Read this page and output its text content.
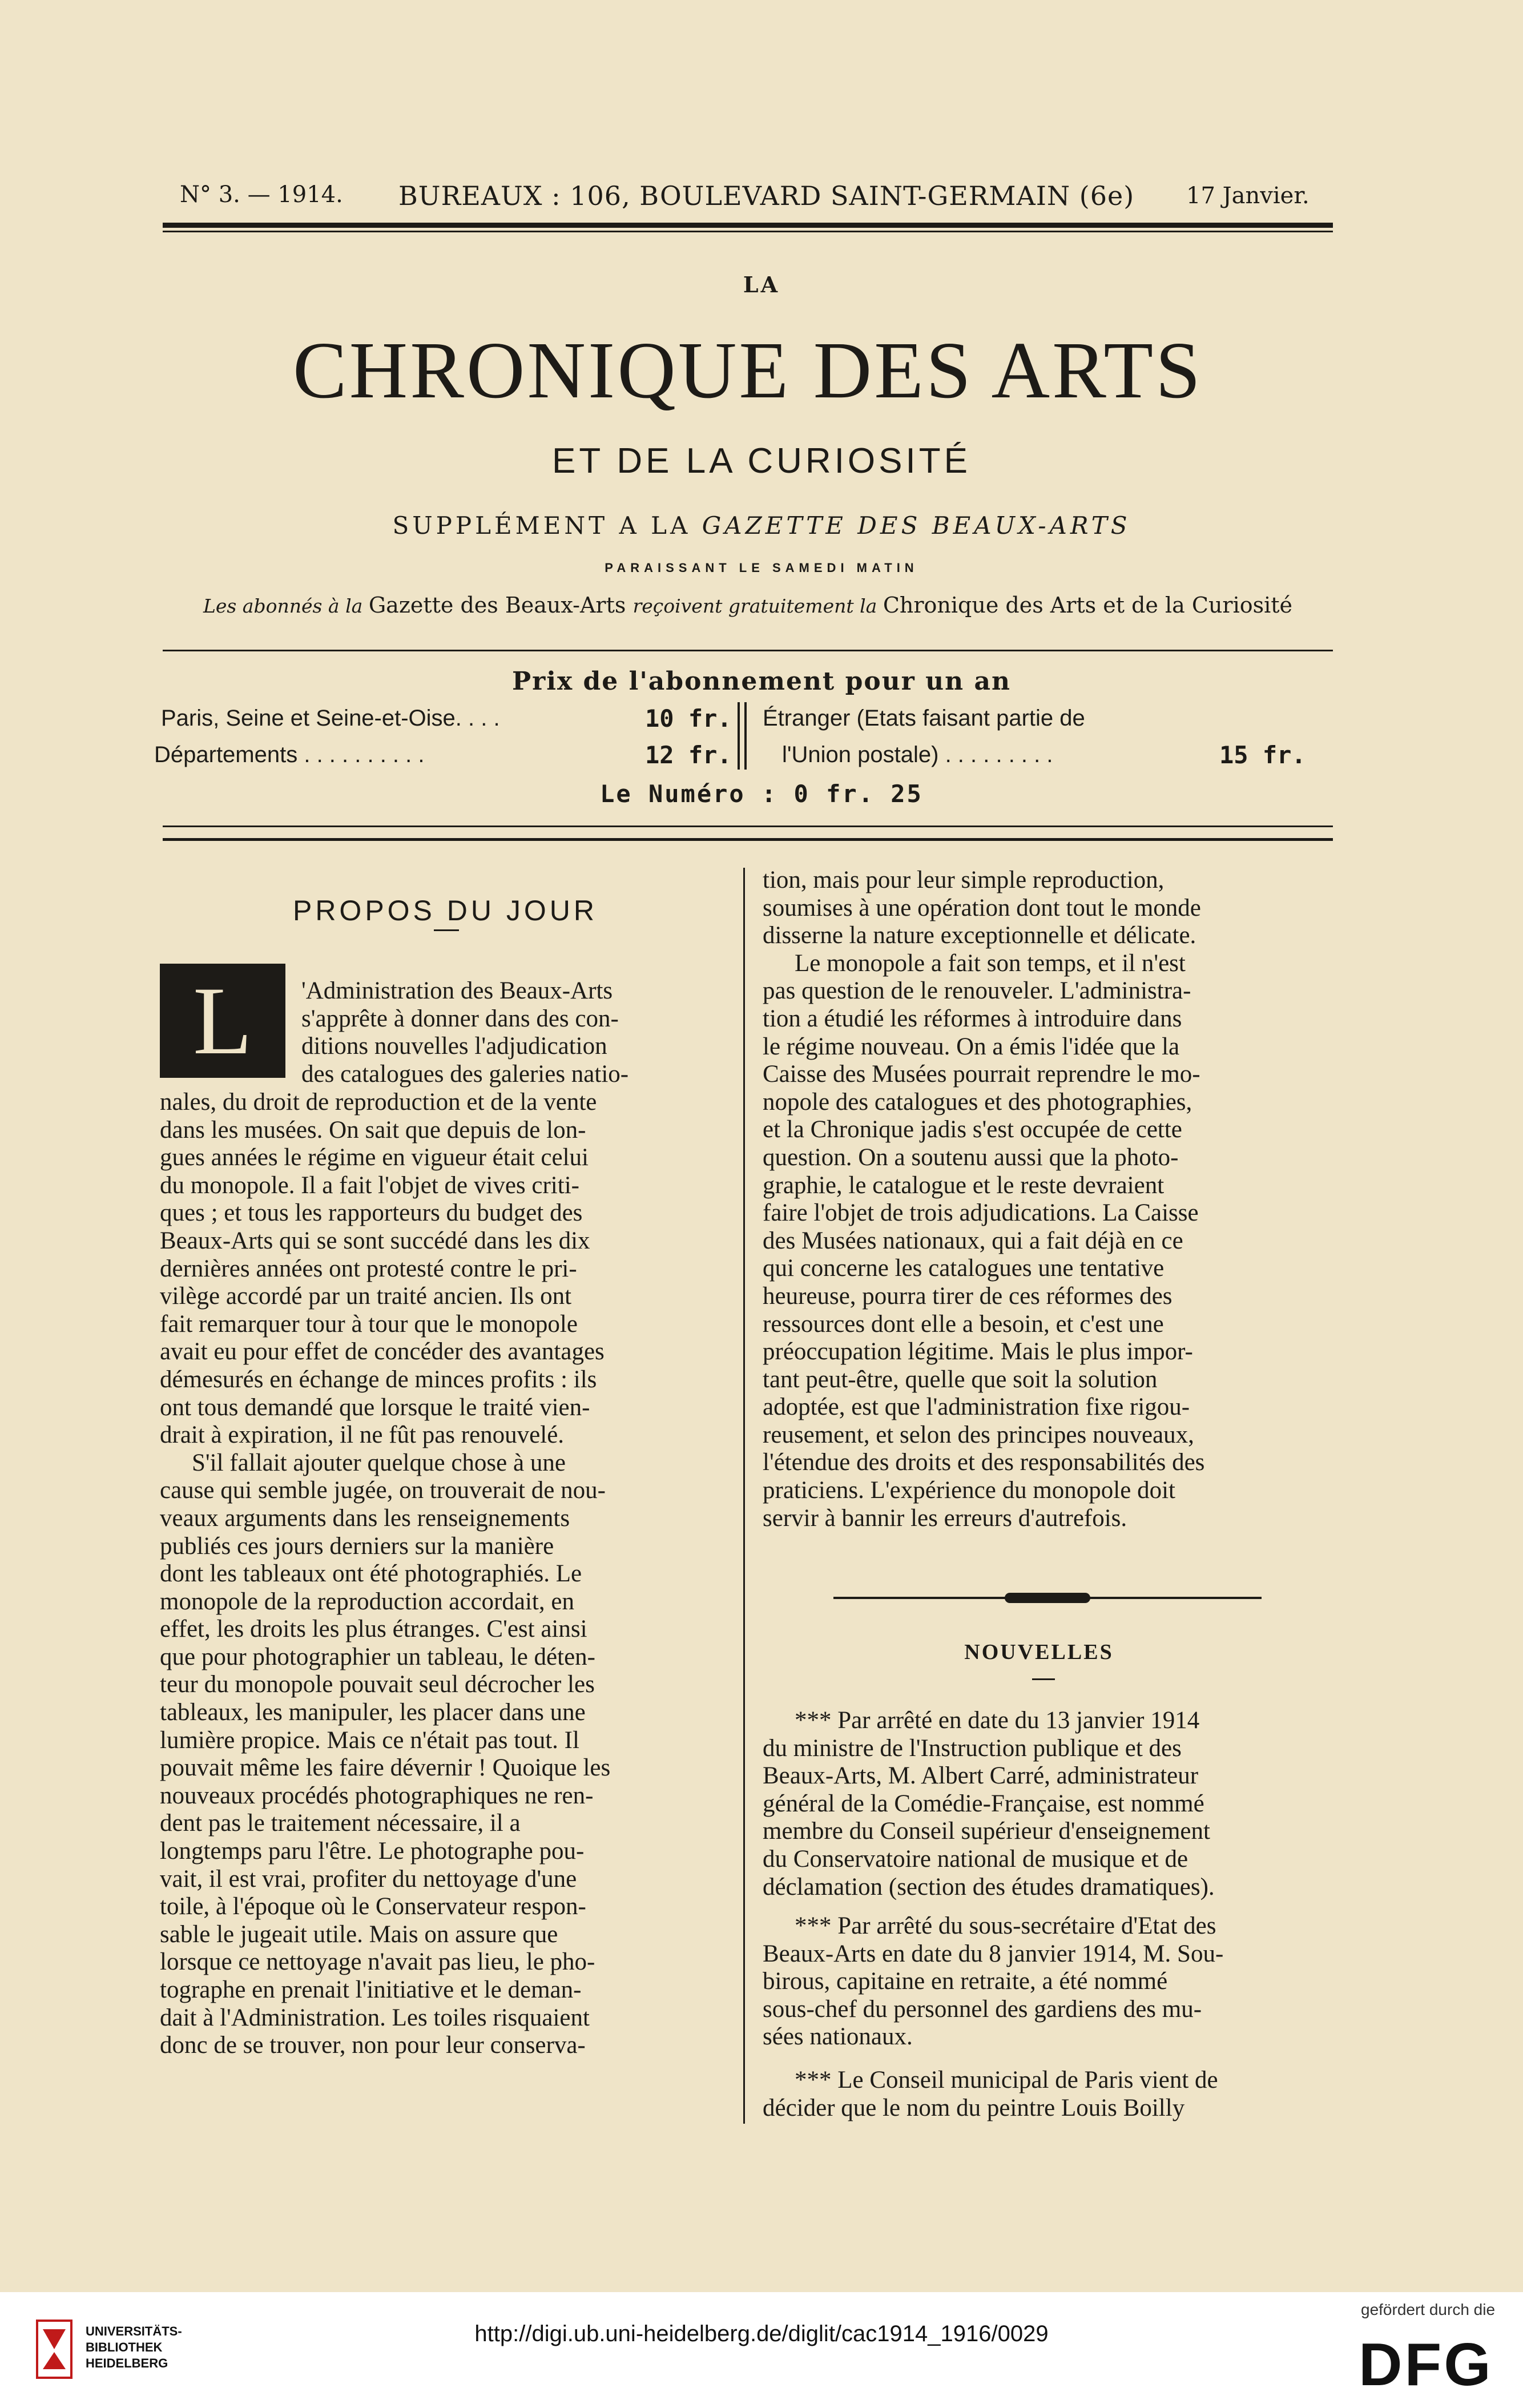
N° 3. — 1914. BUREAUX : 106, BOULEVARD SAINT-GERMAIN (6e) 17 Janvier.
LA
CHRONIQUE DES ARTS
ET DE LA CURIOSITÉ
SUPPLÉMENT A LA GAZETTE DES BEAUX-ARTS
PARAISSANT LE SAMEDI MATIN
Les abonnés à la Gazette des Beaux-Arts reçoivent gratuitement la Chronique des Arts et de la Curiosité
Prix de l'abonnement pour un an
Paris, Seine et Seine-et-Oise. . . .	10 fr.
Départements . . . . . . . . . .	12 fr.
Étranger (Etats faisant partie de
l'Union postale) . . . . . . . . .	15 fr.
Le Numéro : 0 fr. 25
PROPOS DU JOUR
L	'Administration des Beaux-Arts
s'apprête à donner dans des con-
ditions nouvelles l'adjudication
des catalogues des galeries natio-
nales, du droit de reproduction et de la vente
dans les musées. On sait que depuis de lon-
gues années le régime en vigueur était celui
du monopole. Il a fait l'objet de vives criti-
ques ; et tous les rapporteurs du budget des
Beaux-Arts qui se sont succédé dans les dix
dernières années ont protesté contre le pri-
vilège accordé par un traité ancien. Ils ont
fait remarquer tour à tour que le monopole
avait eu pour effet de concéder des avantages
démesurés en échange de minces profits : ils
ont tous demandé que lorsque le traité vien-
drait à expiration, il ne fût pas renouvelé.
S'il fallait ajouter quelque chose à une
cause qui semble jugée, on trouverait de nou-
veaux arguments dans les renseignements
publiés ces jours derniers sur la manière
dont les tableaux ont été photographiés. Le
monopole de la reproduction accordait, en
effet, les droits les plus étranges. C'est ainsi
que pour photographier un tableau, le déten-
teur du monopole pouvait seul décrocher les
tableaux, les manipuler, les placer dans une
lumière propice. Mais ce n'était pas tout. Il
pouvait même les faire dévernir ! Quoique les
nouveaux procédés photographiques ne ren-
dent pas le traitement nécessaire, il a
longtemps paru l'être. Le photographe pou-
vait, il est vrai, profiter du nettoyage d'une
toile, à l'époque où le Conservateur respon-
sable le jugeait utile. Mais on assure que
lorsque ce nettoyage n'avait pas lieu, le pho-
tographe en prenait l'initiative et le deman-
dait à l'Administration. Les toiles risquaient
donc de se trouver, non pour leur conserva-
tion, mais pour leur simple reproduction,
soumises à une opération dont tout le monde
disserne la nature exceptionnelle et délicate.
Le monopole a fait son temps, et il n'est
pas question de le renouveler. L'administra-
tion a étudié les réformes à introduire dans
le régime nouveau. On a émis l'idée que la
Caisse des Musées pourrait reprendre le mo-
nopole des catalogues et des photographies,
et la Chronique jadis s'est occupée de cette
question. On a soutenu aussi que la photo-
graphie, le catalogue et le reste devraient
faire l'objet de trois adjudications. La Caisse
des Musées nationaux, qui a fait déjà en ce
qui concerne les catalogues une tentative
heureuse, pourra tirer de ces réformes des
ressources dont elle a besoin, et c'est une
préoccupation légitime. Mais le plus impor-
tant peut-être, quelle que soit la solution
adoptée, est que l'administration fixe rigou-
reusement, et selon des principes nouveaux,
l'étendue des droits et des responsabilités des
praticiens. L'expérience du monopole doit
servir à bannir les erreurs d'autrefois.
NOUVELLES
*** Par arrêté en date du 13 janvier 1914
du ministre de l'Instruction publique et des
Beaux-Arts, M. Albert Carré, administrateur
général de la Comédie-Française, est nommé
membre du Conseil supérieur d'enseignement
du Conservatoire national de musique et de
déclamation (section des études dramatiques).
*** Par arrêté du sous-secrétaire d'Etat des
Beaux-Arts en date du 8 janvier 1914, M. Sou-
birous, capitaine en retraite, a été nommé
sous-chef du personnel des gardiens des mu-
sées nationaux.
*** Le Conseil municipal de Paris vient de
décider que le nom du peintre Louis Boilly
UNIVERSITÄTS-
BIBLIOTHEK
HEIDELBERG
http://digi.ub.uni-heidelberg.de/diglit/cac1914_1916/0029
gefördert durch die
DFG
